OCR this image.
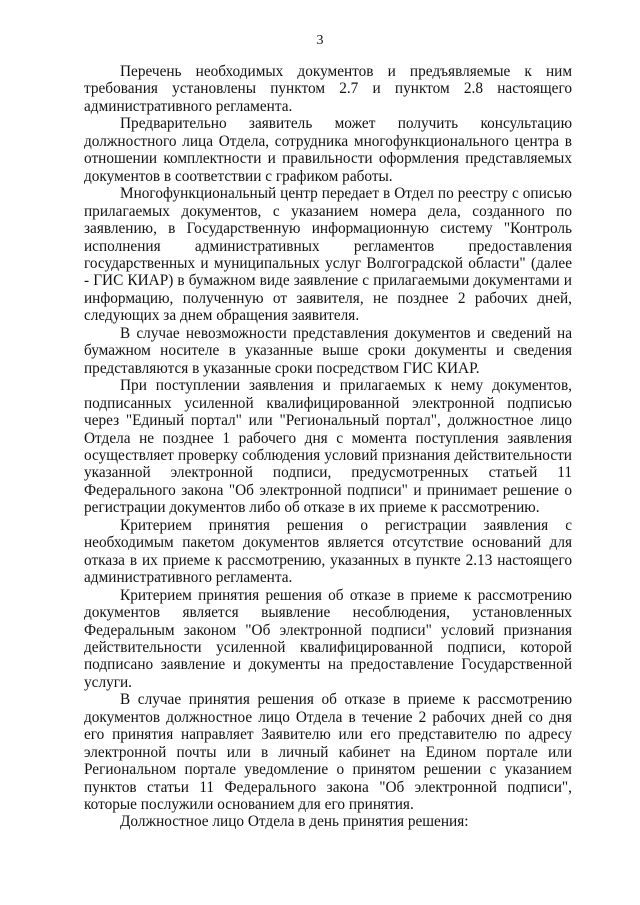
3

Перечень необходимых документов и предъявляемые к ним требования установлены пунктом 2.7 и пунктом 2.8 настоящего административного регламента.

Предварительно заявитель может получить консультацию должностного лица Отдела, сотрудника многофункционального центра в отношении комплектности и правильности оформления представляемых документов в соответствии с графиком работы.

Многофункциональный центр передает в Отдел по реестру с описью прилагаемых документов, с указанием номера дела, созданного по заявлению, в Государственную информационную систему "Контроль исполнения административных регламентов предоставления государственных и муниципальных услуг Волгоградской области" (далее - ГИС КИАР) в бумажном виде заявление с прилагаемыми документами и информацию, полученную от заявителя, не позднее 2 рабочих дней, следующих за днем обращения заявителя.

В случае невозможности представления документов и сведений на бумажном носителе в указанные выше сроки документы и сведения представляются в указанные сроки посредством ГИС КИАР.

При поступлении заявления и прилагаемых к нему документов, подписанных усиленной квалифицированной электронной подписью через "Единый портал" или "Региональный портал", должностное лицо Отдела не позднее 1 рабочего дня с момента поступления заявления осуществляет проверку соблюдения условий признания действительности указанной электронной подписи, предусмотренных статьей 11 Федерального закона "Об электронной подписи" и принимает решение о регистрации документов либо об отказе в их приеме к рассмотрению.

Критерием принятия решения о регистрации заявления с необходимым пакетом документов является отсутствие оснований для отказа в их приеме к рассмотрению, указанных в пункте 2.13 настоящего административного регламента.

Критерием принятия решения об отказе в приеме к рассмотрению документов является выявление несоблюдения, установленных Федеральным законом "Об электронной подписи" условий признания действительности усиленной квалифицированной подписи, которой подписано заявление и документы на предоставление Государственной услуги.

В случае принятия решения об отказе в приеме к рассмотрению документов должностное лицо Отдела в течение 2 рабочих дней со дня его принятия направляет Заявителю или его представителю по адресу электронной почты или в личный кабинет на Едином портале или Региональном портале уведомление о принятом решении с указанием пунктов статьи 11 Федерального закона "Об электронной подписи", которые послужили основанием для его принятия.

Должностное лицо Отдела в день принятия решения:
